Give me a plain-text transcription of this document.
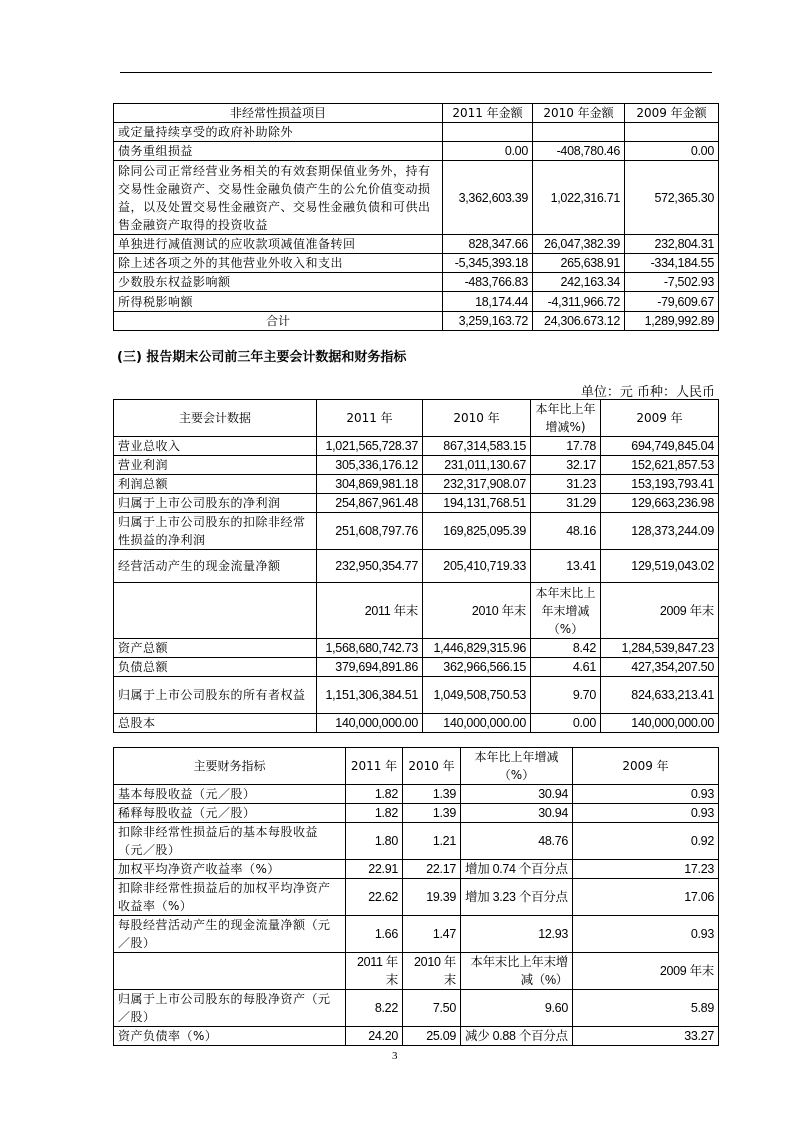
非经常性损益项目	2011 年金额	2010 年金额	2009 年金额
或定量持续享受的政府补助除外			
债务重组损益	0.00	-408,780.46	0.00
除同公司正常经营业务相关的有效套期保值业务外，持有交易性金融资产、交易性金融负债产生的公允价值变动损益，以及处置交易性金融资产、交易性金融负债和可供出售金融资产取得的投资收益	3,362,603.39	1,022,316.71	572,365.30
单独进行减值测试的应收款项减值准备转回	828,347.66	26,047,382.39	232,804.31
除上述各项之外的其他营业外收入和支出	-5,345,393.18	265,638.91	-334,184.55
少数股东权益影响额	-483,766.83	242,163.34	-7,502.93
所得税影响额	18,174.44	-4,311,966.72	-79,609.67
合计	3,259,163.72	24,306.673.12	1,289,992.89
(三) 报告期末公司前三年主要会计数据和财务指标
单位：元 币种：人民币
主要会计数据	2011 年	2010 年	本年比上年增减%)	2009 年
营业总收入	1,021,565,728.37	867,314,583.15	17.78	694,749,845.04
营业利润	305,336,176.12	231,011,130.67	32.17	152,621,857.53
利润总额	304,869,981.18	232,317,908.07	31.23	153,193,793.41
归属于上市公司股东的净利润	254,867,961.48	194,131,768.51	31.29	129,663,236.98
归属于上市公司股东的扣除非经常性损益的净利润	251,608,797.76	169,825,095.39	48.16	128,373,244.09
经营活动产生的现金流量净额	232,950,354.77	205,410,719.33	13.41	129,519,043.02
	2011 年末	2010 年末	本年末比上年末增减（%）	2009 年末
资产总额	1,568,680,742.73	1,446,829,315.96	8.42	1,284,539,847.23
负债总额	379,694,891.86	362,966,566.15	4.61	427,354,207.50
归属于上市公司股东的所有者权益	1,151,306,384.51	1,049,508,750.53	9.70	824,633,213.41
总股本	140,000,000.00	140,000,000.00	0.00	140,000,000.00
主要财务指标	2011 年	2010 年	本年比上年增减（%）	2009 年
基本每股收益（元／股）	1.82	1.39	30.94	0.93
稀释每股收益（元／股）	1.82	1.39	30.94	0.93
扣除非经常性损益后的基本每股收益（元／股）	1.80	1.21	48.76	0.92
加权平均净资产收益率（%）	22.91	22.17	增加 0.74 个百分点	17.23
扣除非经常性损益后的加权平均净资产收益率（%）	22.62	19.39	增加 3.23 个百分点	17.06
每股经营活动产生的现金流量净额（元／股）	1.66	1.47	12.93	0.93
	2011 年末	2010 年末	本年末比上年末增减（%）	2009 年末
归属于上市公司股东的每股净资产（元／股）	8.22	7.50	9.60	5.89
资产负债率（%）	24.20	25.09	减少 0.88 个百分点	33.27
3
